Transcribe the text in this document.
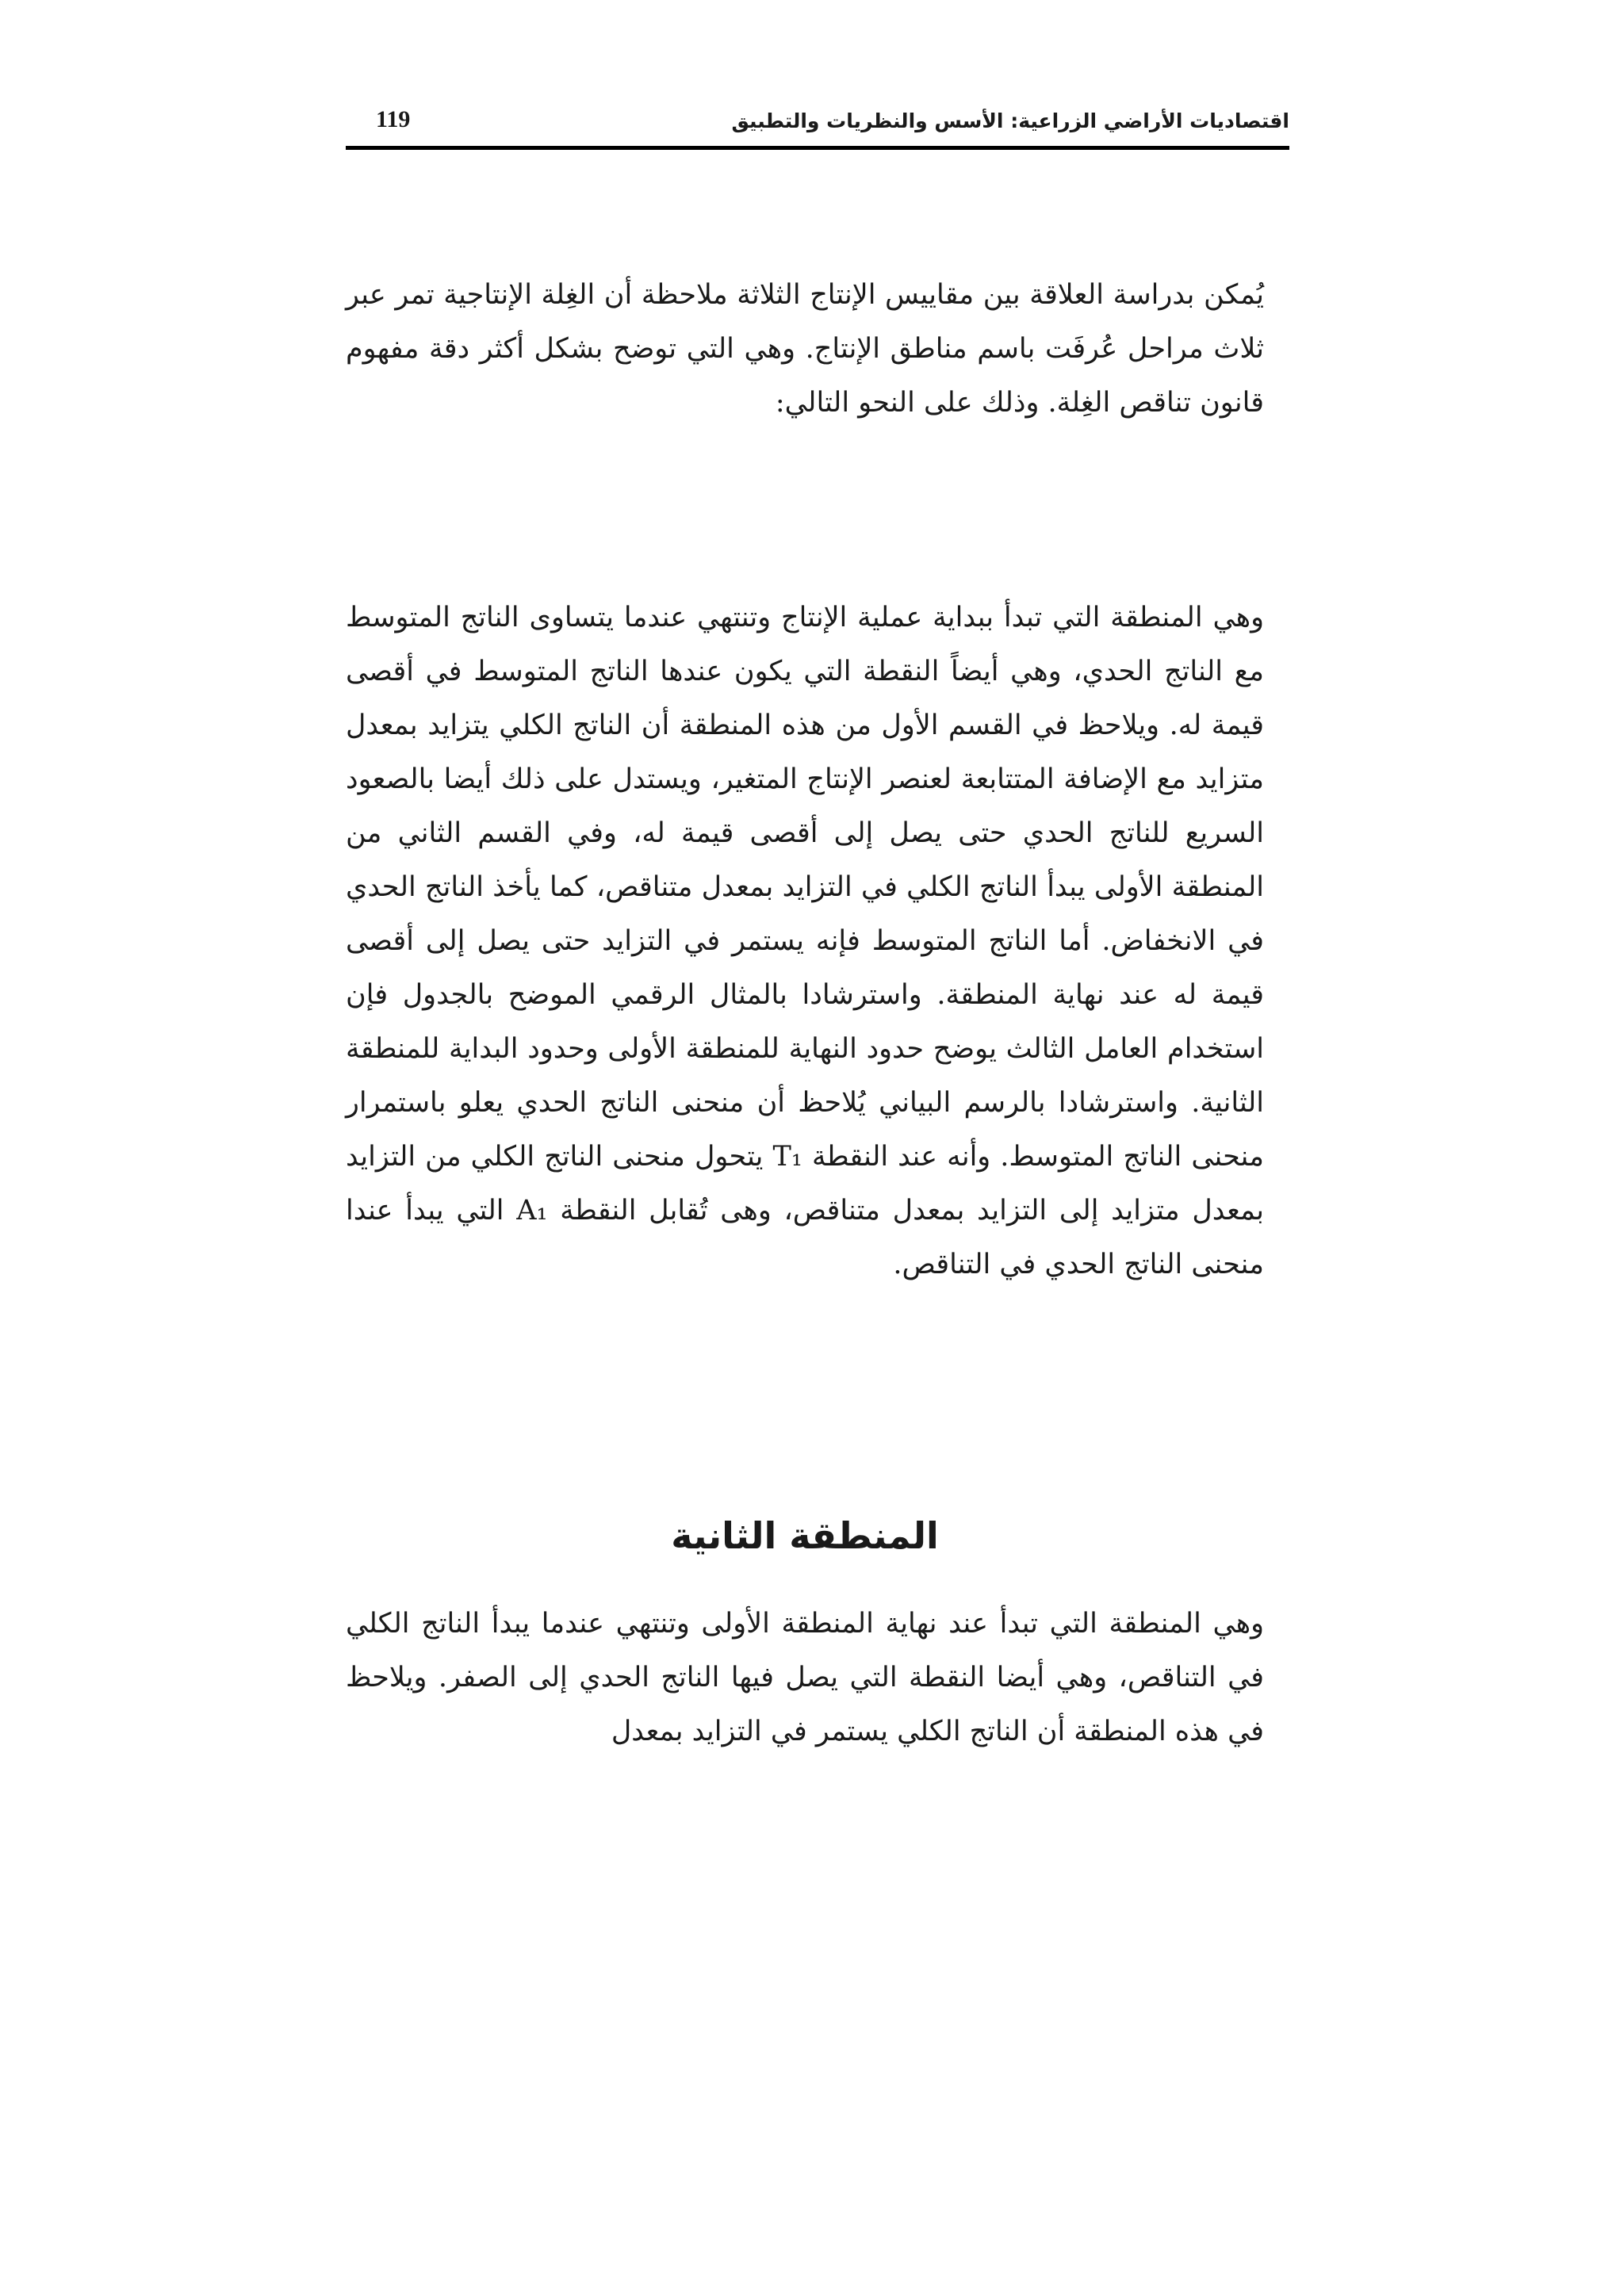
اقتصاديات الأراضي الزراعية: الأسس والنظريات والتطبيق
119

يُمكن بدراسة العلاقة بين مقاييس الإنتاج الثلاثة ملاحظة أن الغِلة الإنتاجية تمر عبر ثلاث مراحل عُرفَت باسم مناطق الإنتاج. وهي التي توضح بشكل أكثر دقة مفهوم قانون تناقص الغِلة. وذلك على النحو التالي:

وهي المنطقة التي تبدأ ببداية عملية الإنتاج وتنتهي عندما يتساوى الناتج المتوسط مع الناتج الحدي، وهي أيضاً النقطة التي يكون عندها الناتج المتوسط في أقصى قيمة له. ويلاحظ في القسم الأول من هذه المنطقة أن الناتج الكلي يتزايد بمعدل متزايد مع الإضافة المتتابعة لعنصر الإنتاج المتغير، ويستدل على ذلك أيضا بالصعود السريع للناتج الحدي حتى يصل إلى أقصى قيمة له، وفي القسم الثاني من المنطقة الأولى يبدأ الناتج الكلي في التزايد بمعدل متناقص، كما يأخذ الناتج الحدي في الانخفاض. أما الناتج المتوسط فإنه يستمر في التزايد حتى يصل إلى أقصى قيمة له عند نهاية المنطقة. واسترشادا بالمثال الرقمي الموضح بالجدول فإن استخدام العامل الثالث يوضح حدود النهاية للمنطقة الأولى وحدود البداية للمنطقة الثانية. واسترشادا بالرسم البياني يُلاحظ أن منحنى الناتج الحدي يعلو باستمرار منحنى الناتج المتوسط. وأنه عند النقطة T₁ يتحول منحنى الناتج الكلي من التزايد بمعدل متزايد إلى التزايد بمعدل متناقص، وهى تُقابل النقطة A₁ التي يبدأ عندا منحنى الناتج الحدي في التناقص.

المنطقة الثانية

وهي المنطقة التي تبدأ عند نهاية المنطقة الأولى وتنتهي عندما يبدأ الناتج الكلي في التناقص، وهي أيضا النقطة التي يصل فيها الناتج الحدي إلى الصفر. ويلاحظ في هذه المنطقة أن الناتج الكلي يستمر في التزايد بمعدل
